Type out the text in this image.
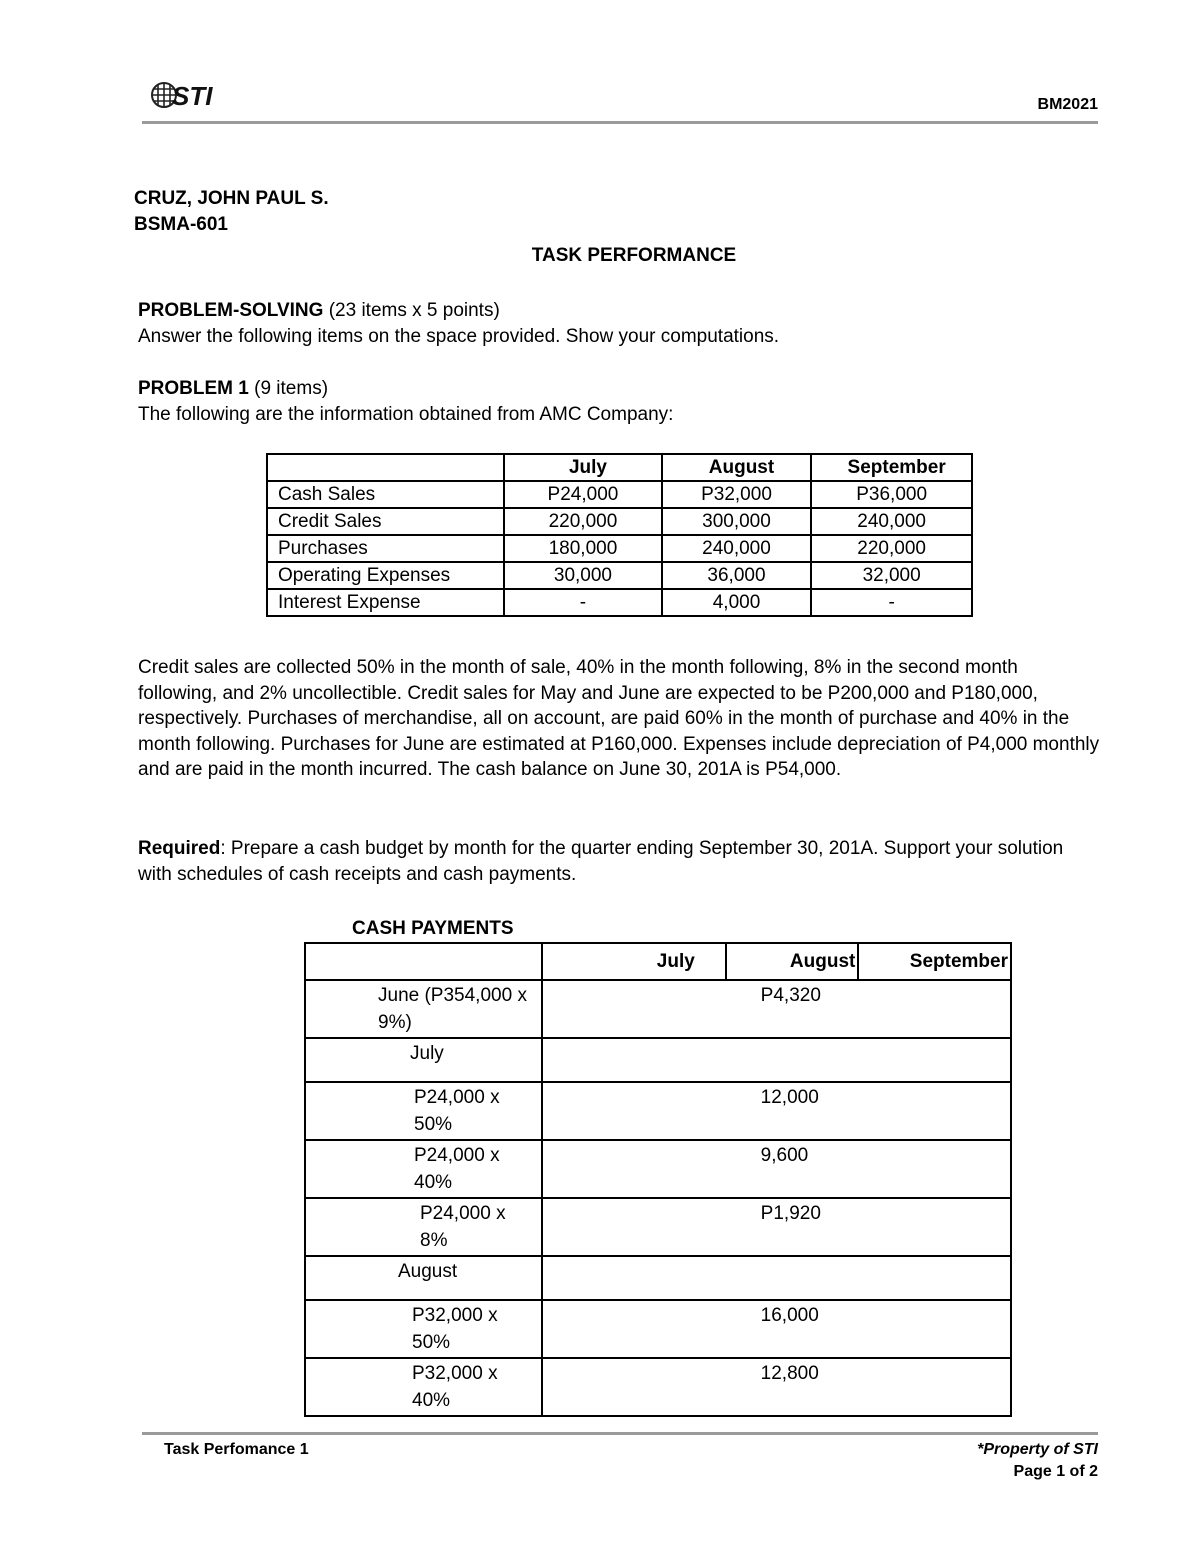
STI	BM2021
CRUZ, JOHN PAUL S.
BSMA-601
TASK PERFORMANCE
PROBLEM-SOLVING (23 items x 5 points)
Answer the following items on the space provided. Show your computations.
PROBLEM 1 (9 items)
The following are the information obtained from AMC Company:
	July	August	September
Cash Sales	P24,000	P32,000	P36,000
Credit Sales	220,000	300,000	240,000
Purchases	180,000	240,000	220,000
Operating Expenses	30,000	36,000	32,000
Interest Expense	-	4,000	-
Credit sales are collected 50% in the month of sale, 40% in the month following, 8% in the second month following, and 2% uncollectible. Credit sales for May and June are expected to be P200,000 and P180,000, respectively. Purchases of merchandise, all on account, are paid 60% in the month of purchase and 40% in the month following. Purchases for June are estimated at P160,000. Expenses include depreciation of P4,000 monthly and are paid in the month incurred. The cash balance on June 30, 201A is P54,000.
Required: Prepare a cash budget by month for the quarter ending September 30, 201A. Support your solution with schedules of cash receipts and cash payments.
CASH PAYMENTS
	July	August	September
June (P354,000 x 9%)	P4,320		
July			
P24,000 x 50%	12,000		
P24,000 x 40%	9,600		
P24,000 x 8%	P1,920		
August			
P32,000 x 50%	16,000		
P32,000 x 40%	12,800		
Task Perfomance 1	*Property of STI
Page 1 of 2
